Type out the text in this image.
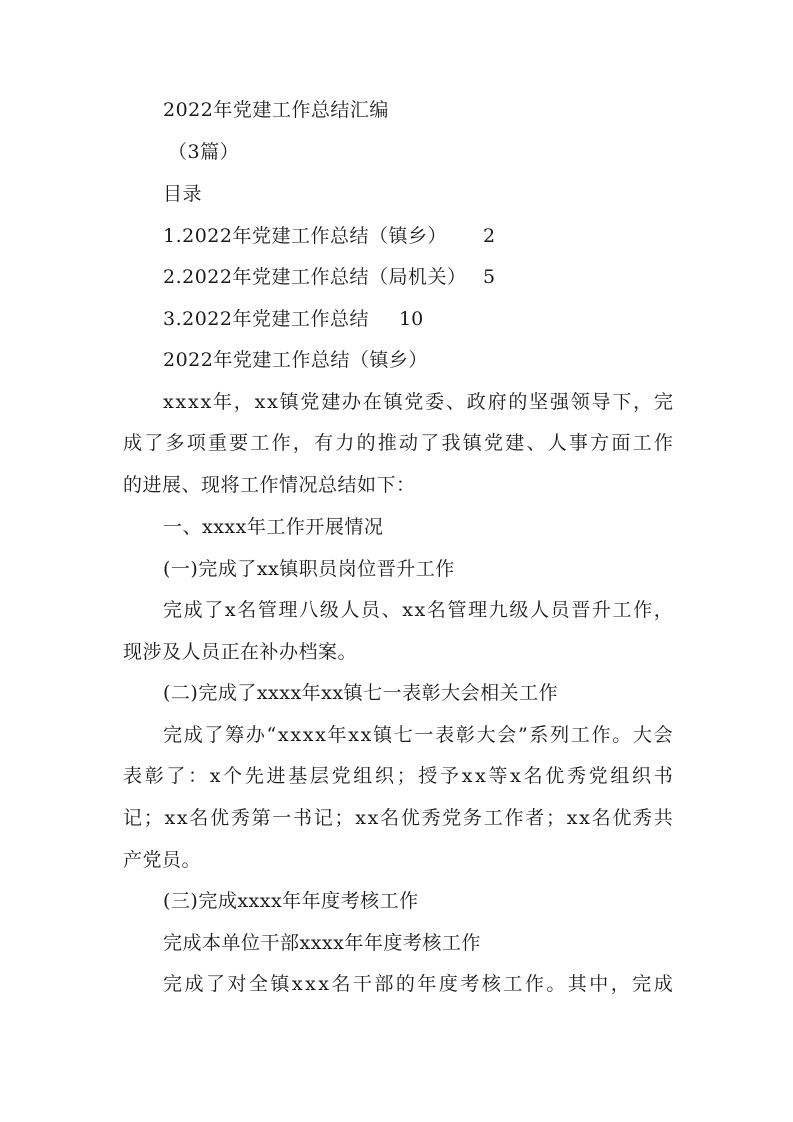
2022年党建工作总结汇编
（3篇）
目录
1.2022年党建工作总结（镇乡） 2
2.2022年党建工作总结（局机关） 5
3.2022年党建工作总结 10
2022年党建工作总结（镇乡）
x x x x 年 ， x x 镇 党 建 办 在 镇 党 委 、 政 府 的 坚 强 领 导 下 ， 完
成 了 多 项 重 要 工 作 ， 有 力 的 推 动 了 我 镇 党 建 、 人 事 方 面 工 作
的进展、现将工作情况总结如下：
一、xxxx年工作开展情况
(一)完成了xx镇职员岗位晋升工作
完 成 了 x 名 管 理 八 级 人 员 、 x x 名 管 理 九 级 人 员 晋 升 工 作 ，
现涉及人员正在补办档案。
(二)完成了xxxx年xx镇七一表彰大会相关工作
完 成 了 筹 办 “ x x x x 年 x x 镇 七 一 表 彰 大 会 ” 系 列 工 作 。 大 会
表 彰 了 ： x 个 先 进 基 层 党 组 织 ； 授 予 x x 等 x 名 优 秀 党 组 织 书
记 ； x x 名 优 秀 第 一 书 记 ； x x 名 优 秀 党 务 工 作 者 ； x x 名 优 秀 共
产党员。
(三)完成xxxx年年度考核工作
完成本单位干部xxxx年年度考核工作
完 成 了 对 全 镇 x x x 名 干 部 的 年 度 考 核 工 作 。 其 中 ， 完 成
